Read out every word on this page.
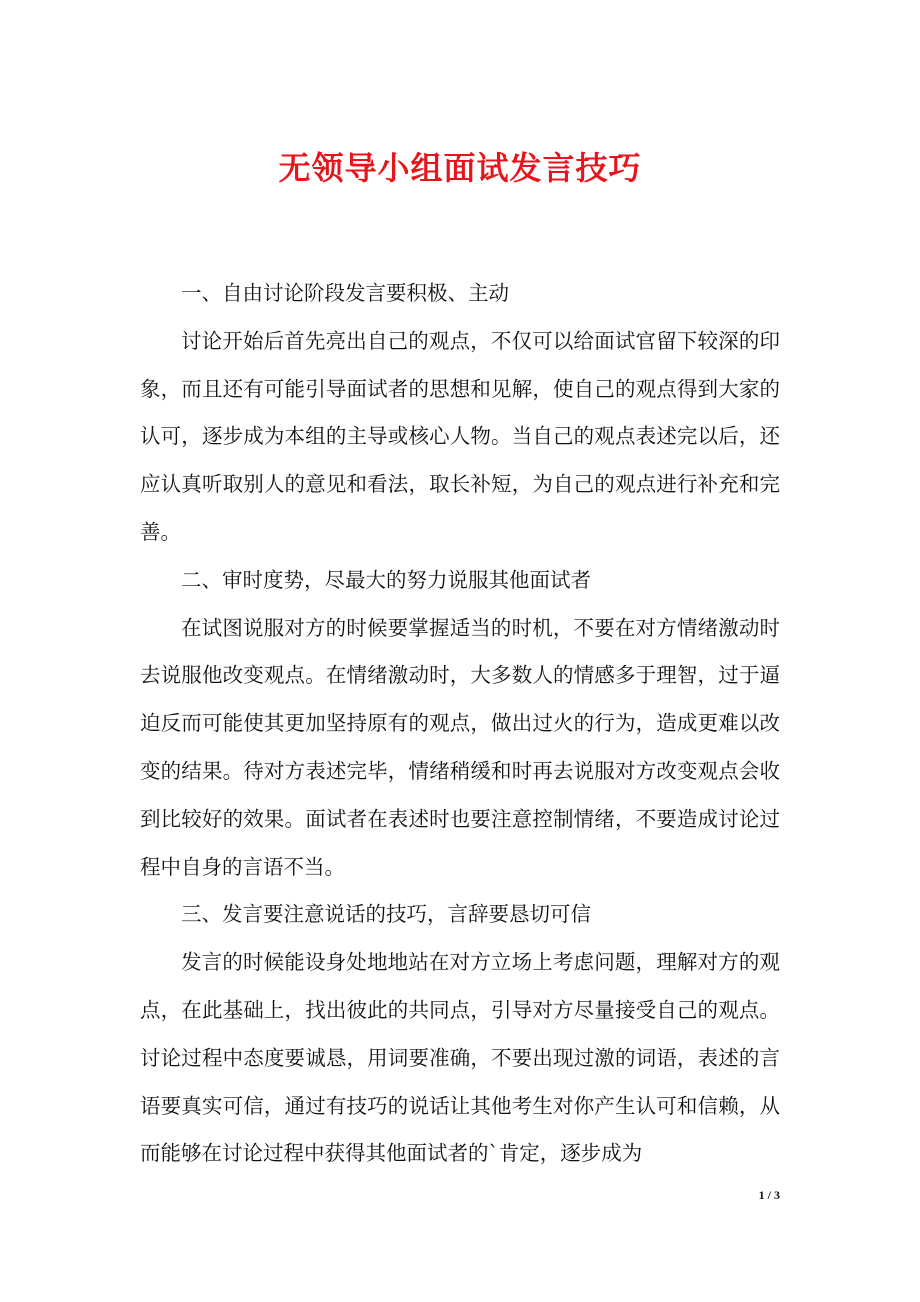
无领导小组面试发言技巧

一、自由讨论阶段发言要积极、主动

讨论开始后首先亮出自己的观点，不仅可以给面试官留下较深的印象，而且还有可能引导面试者的思想和见解，使自己的观点得到大家的认可，逐步成为本组的主导或核心人物。当自己的观点表述完以后，还应认真听取别人的意见和看法，取长补短，为自己的观点进行补充和完善。

二、审时度势，尽最大的努力说服其他面试者

在试图说服对方的时候要掌握适当的时机，不要在对方情绪激动时去说服他改变观点。在情绪激动时，大多数人的情感多于理智，过于逼迫反而可能使其更加坚持原有的观点，做出过火的行为，造成更难以改变的结果。待对方表述完毕，情绪稍缓和时再去说服对方改变观点会收到比较好的效果。面试者在表述时也要注意控制情绪，不要造成讨论过程中自身的言语不当。

三、发言要注意说话的技巧，言辞要恳切可信

发言的时候能设身处地地站在对方立场上考虑问题，理解对方的观点，在此基础上，找出彼此的共同点，引导对方尽量接受自己的观点。讨论过程中态度要诚恳，用词要准确，不要出现过激的词语，表述的言语要真实可信，通过有技巧的说话让其他考生对你产生认可和信赖，从而能够在讨论过程中获得其他面试者的`肯定，逐步成为

1 / 3
